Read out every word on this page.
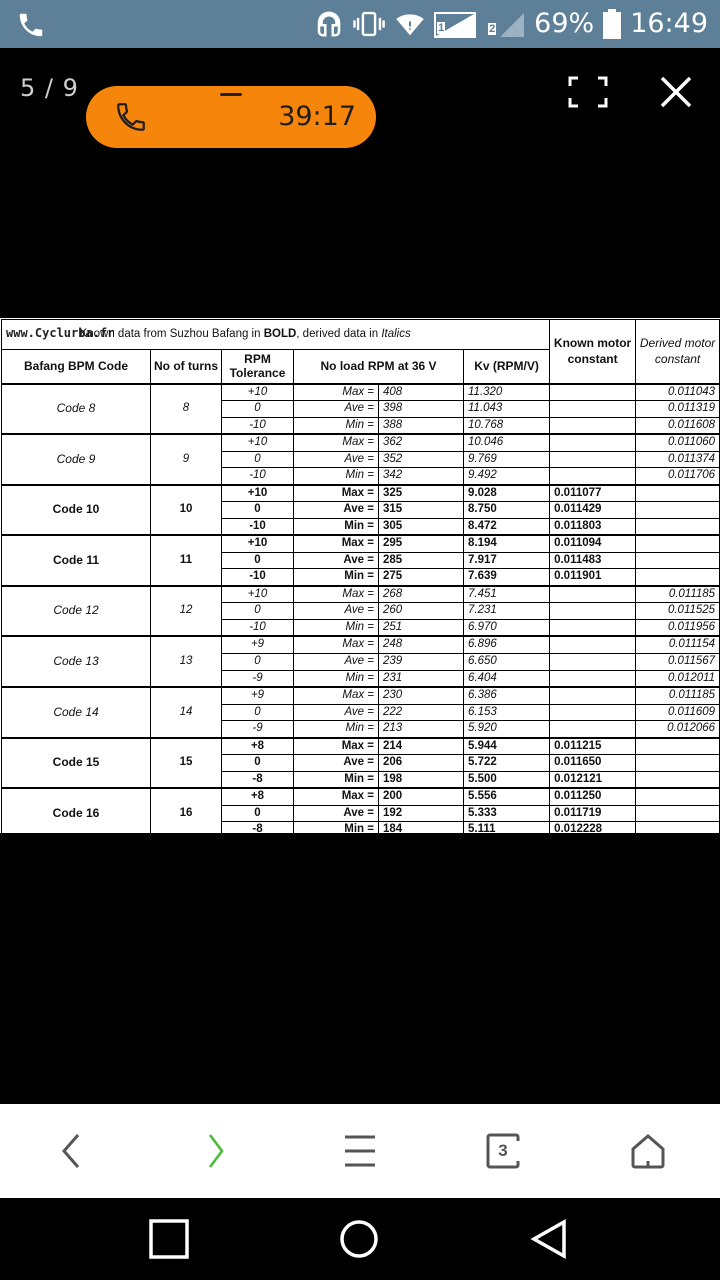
1	2 69% 16:49
5 / 9
39:17
www.Cyclurba.fr Known data from Suzhou Bafang in BOLD, derived data in Italics						Known motor constant	Derived motor constant
Bafang BPM Code	No of turns	RPM Tolerance	No load RPM at 36 V		Kv (RPM/V)		
Code 8	8	+10	Max =	408	11.320		0.011043
		0	Ave =	398	11.043		0.011319
		-10	Min =	388	10.768		0.011608
Code 9	9	+10	Max =	362	10.046		0.011060
		0	Ave =	352	9.769		0.011374
		-10	Min =	342	9.492		0.011706
Code 10	10	+10	Max =	325	9.028	0.011077	
		0	Ave =	315	8.750	0.011429	
		-10	Min =	305	8.472	0.011803	
Code 11	11	+10	Max =	295	8.194	0.011094	
		0	Ave =	285	7.917	0.011483	
		-10	Min =	275	7.639	0.011901	
Code 12	12	+10	Max =	268	7.451		0.011185
		0	Ave =	260	7.231		0.011525
		-10	Min =	251	6.970		0.011956
Code 13	13	+9	Max =	248	6.896		0.011154
		0	Ave =	239	6.650		0.011567
		-9	Min =	231	6.404		0.012011
Code 14	14	+9	Max =	230	6.386		0.011185
		0	Ave =	222	6.153		0.011609
		-9	Min =	213	5.920		0.012066
Code 15	15	+8	Max =	214	5.944	0.011215	
		0	Ave =	206	5.722	0.011650	
		-8	Min =	198	5.500	0.012121	
Code 16	16	+8	Max =	200	5.556	0.011250	
		0	Ave =	192	5.333	0.011719	
		-8	Min =	184	5.111	0.012228	
3
